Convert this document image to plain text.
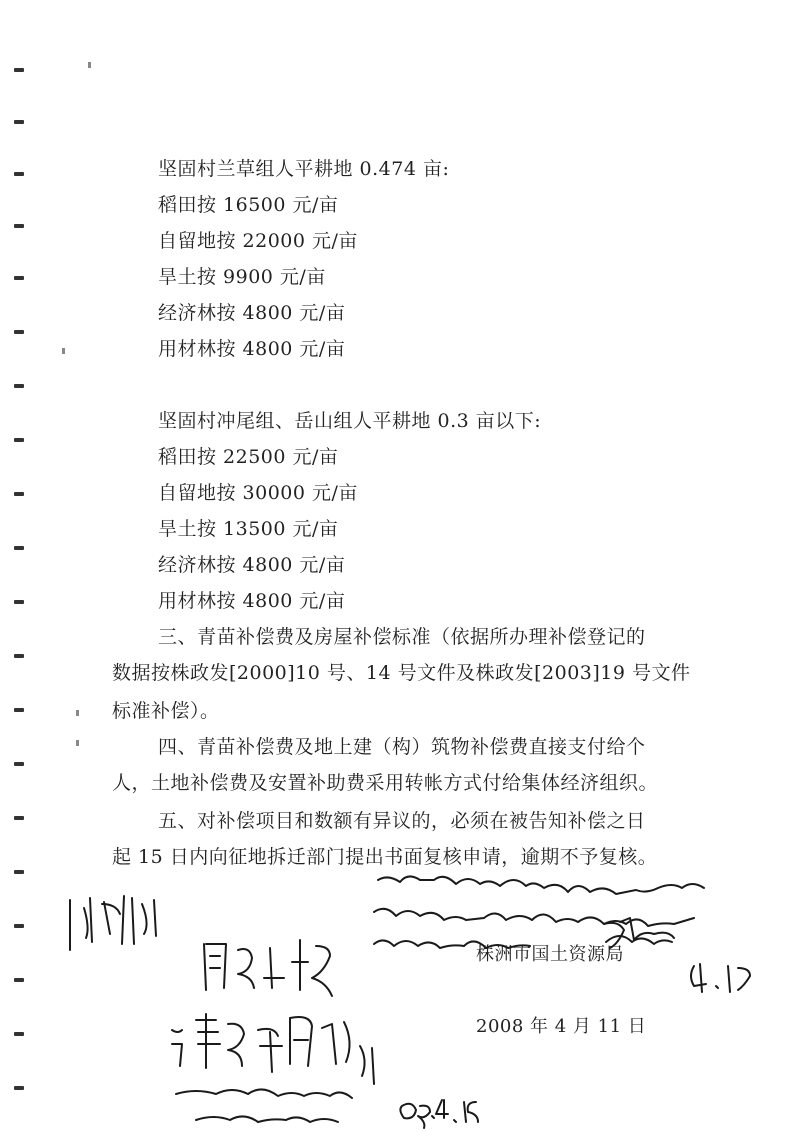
坚固村兰草组人平耕地 0.474 亩:
稻田按 16500 元/亩
自留地按 22000 元/亩
旱土按 9900 元/亩
经济林按 4800 元/亩
用材林按 4800 元/亩
坚固村冲尾组、岳山组人平耕地 0.3 亩以下:
稻田按 22500 元/亩
自留地按 30000 元/亩
旱土按 13500 元/亩
经济林按 4800 元/亩
用材林按 4800 元/亩
三、青苗补偿费及房屋补偿标准（依据所办理补偿登记的
数据按株政发[2000]10 号、14 号文件及株政发[2003]19 号文件
标准补偿）。
四、青苗补偿费及地上建（构）筑物补偿费直接支付给个
人，土地补偿费及安置补助费采用转帐方式付给集体经济组织。
五、对补偿项目和数额有异议的，必须在被告知补偿之日
起 15 日内向征地拆迁部门提出书面复核申请，逾期不予复核。
株洲市国土资源局
2008 年 4 月 11 日
